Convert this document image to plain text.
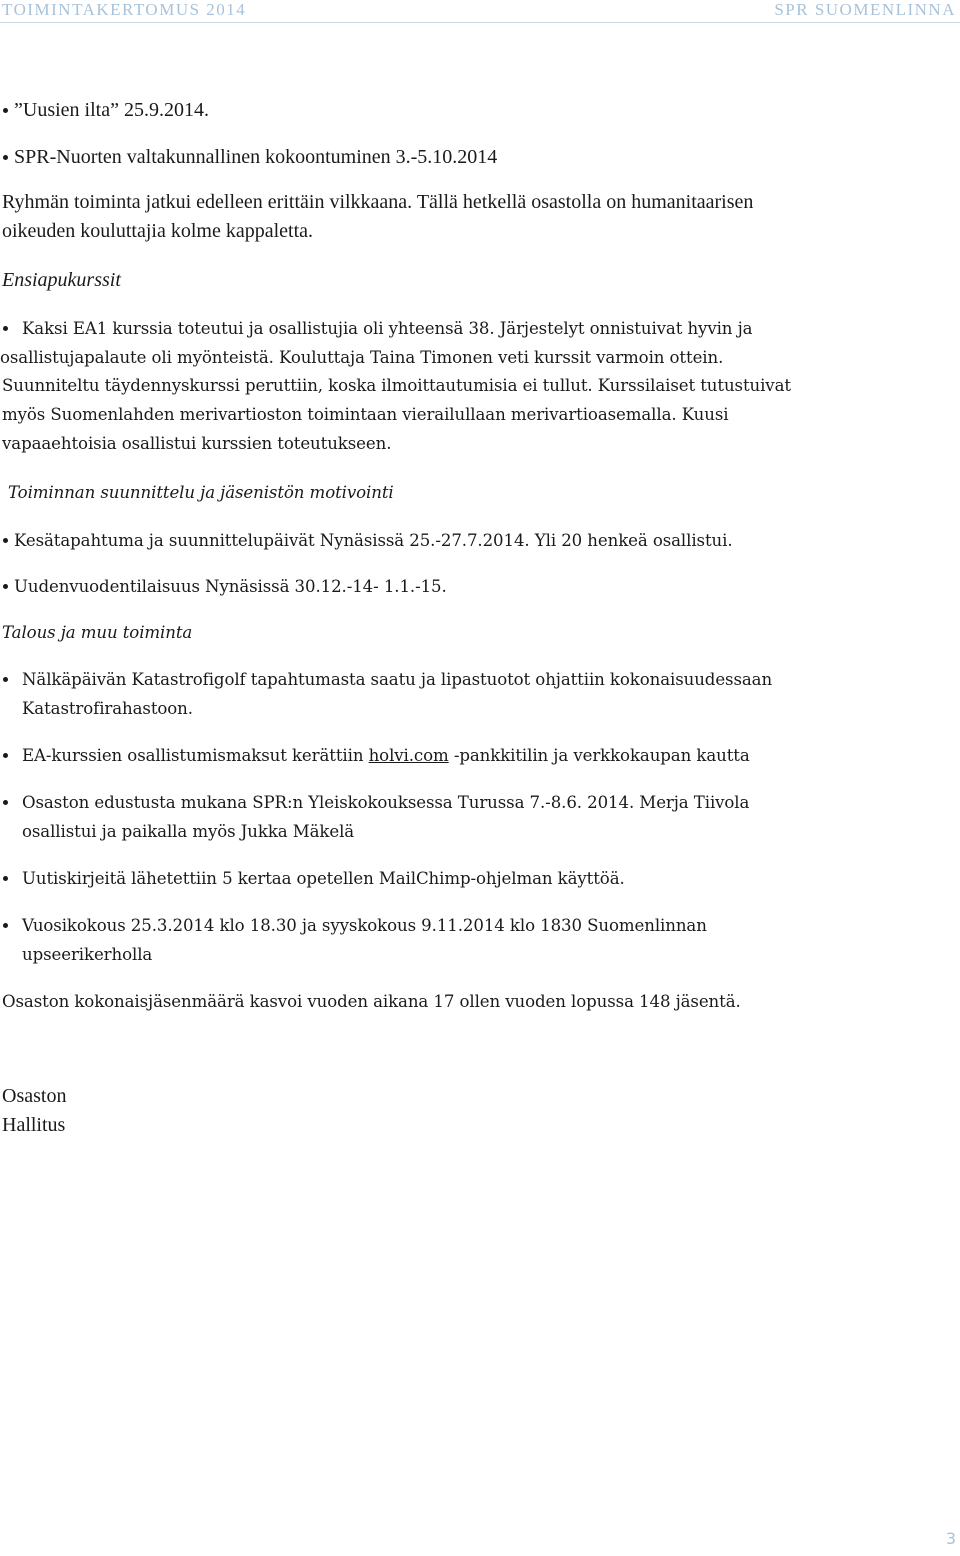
TOIMINTAKERTOMUS 2014	SPR SUOMENLINNA
”Uusien ilta” 25.9.2014.
SPR-Nuorten valtakunnallinen kokoontuminen 3.-5.10.2014
Ryhmän toiminta jatkui edelleen erittäin vilkkaana. Tällä hetkellä osastolla on humanitaarisen
oikeuden kouluttajia kolme kappaletta.
Ensiapukurssit
Kaksi EA1 kurssia toteutui ja osallistujia oli yhteensä 38. Järjestelyt onnistuivat hyvin ja
osallistujapalaute oli myönteistä. Kouluttaja Taina Timonen veti kurssit varmoin ottein.
Suunniteltu täydennyskurssi peruttiin, koska ilmoittautumisia ei tullut. Kurssilaiset tutustuivat
myös Suomenlahden merivartioston toimintaan vierailullaan merivartioasemalla. Kuusi
vapaaehtoisia osallistui kurssien toteutukseen.
Toiminnan suunnittelu ja jäsenistön motivointi
Kesätapahtuma ja suunnittelupäivät Nynäsissä 25.-27.7.2014. Yli 20 henkeä osallistui.
Uudenvuodentilaisuus Nynäsissä 30.12.-14- 1.1.-15.
Talous ja muu toiminta
Nälkäpäivän Katastrofigolf tapahtumasta saatu ja lipastuotot ohjattiin kokonaisuudessaan
Katastrofirahastoon.
EA-kurssien osallistumismaksut kerättiin holvi.com -pankkitilin ja verkkokaupan kautta
Osaston edustusta mukana SPR:n Yleiskokouksessa Turussa 7.-8.6. 2014. Merja Tiivola
osallistui ja paikalla myös Jukka Mäkelä
Uutiskirjeitä lähetettiin 5 kertaa opetellen MailChimp-ohjelman käyttöä.
Vuosikokous 25.3.2014 klo 18.30 ja syyskokous 9.11.2014 klo 1830 Suomenlinnan
upseerikerholla
Osaston kokonaisjäsenmäärä kasvoi vuoden aikana 17 ollen vuoden lopussa 148 jäsentä.
Osaston
Hallitus
3
